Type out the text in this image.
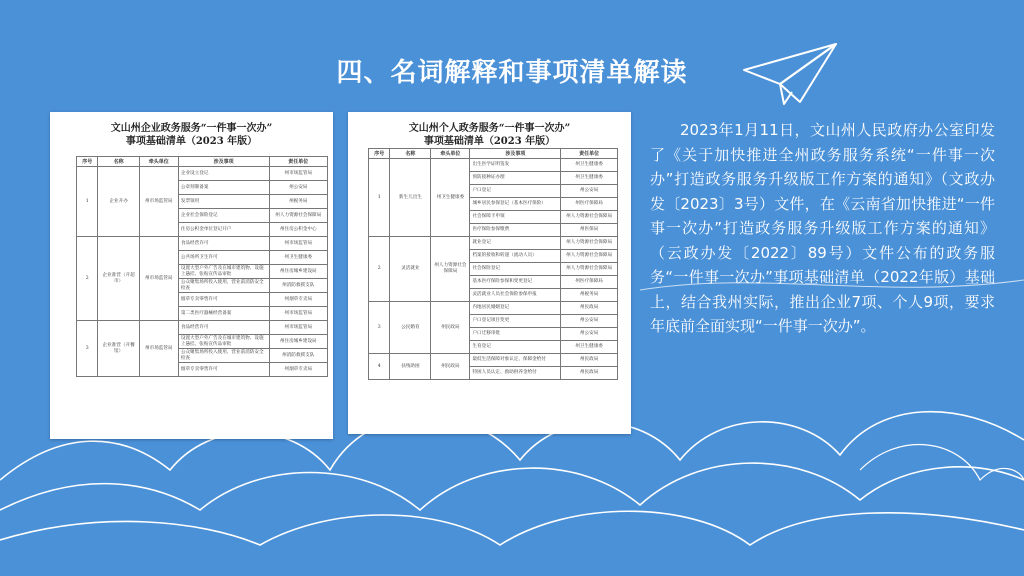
四、名词解释和事项清单解读
文山州企业政务服务“一件事一次办”
事项基础清单（2023 年版）
序号	名称	牵头单位	涉及事项	责任单位
1	企业开办	州市场监管局	企业设立登记	州市场监管局
			公章刻制备案	州公安局
			发票领用	州税务局
			企业社会保险登记	州人力资源社会保障局
			住房公积金单位登记开户	州住房公积金中心
2	企业准营（开超市）	州市场监管局	食品经营许可	州市场监管局
			公共场所卫生许可	州卫生健康委
			设置大型户外广告及在城市建筑物、设施上悬挂、张贴宣传品审批	州住房城乡建设局
			公众聚集场所投入使用、营业前消防安全检查	州消防救援支队
			烟草专卖零售许可	州烟草专卖局
			第二类医疗器械经营备案	州市场监管局
3	企业准营（开餐馆）	州市场监管局	食品经营许可	州市场监管局
			设置大型户外广告及在城市建筑物、设施上悬挂、张贴宣传品审批	州住房城乡建设局
			公众聚集场所投入使用、营业前消防安全检查	州消防救援支队
			烟草专卖零售许可	州烟草专卖局
文山州个人政务服务“一件事一次办”
事项基础清单（2023 年版）
序号	名称	牵头单位	涉及事项	责任单位
1	新生儿出生	州卫生健康委	出生医学证明签发	州卫生健康委
			预防接种证办理	州卫生健康委
			户口登记	州公安局
			城乡居民参保登记（基本医疗保险）	州医疗保障局
			社会保障卡申领	州人力资源社会保障局
			医疗保险参保缴费	州医保局
2	灵活就业	州人力资源社会保障局	就业登记	州人力资源社会保障局
			档案的接收和转递（流动人员）	州人力资源社会保障局
			社会保险登记	州人力资源社会保障局
			基本医疗保险参保和变更登记	州医疗保障局
			灵活就业人员社会保险参保申报	州税务局
3	公民婚育	州民政局	内地居民婚姻登记	州民政局
			户口登记项目变更	州公安局
			户口迁移审批	州公安局
			生育登记	州卫生健康委
4	扶残助困	州民政局	最低生活保障对象认定、保障金给付	州民政局
			特困人员认定、救助供养金给付	州民政局
2023年1月11日，文山州人民政府办公室印发了《关于加快推进全州政务服务系统“一件事一次办”打造政务服务升级版工作方案的通知》（文政办发〔2023〕3号）文件，在《云南省加快推进“一件事一次办”打造政务服务升级版工作方案的通知》（云政办发〔2022〕89号）文件公布的政务服务“一件事一次办”事项基础清单（2022年版）基础上，结合我州实际，推出企业7项、个人9项，要求年底前全面实现“一件事一次办”。
